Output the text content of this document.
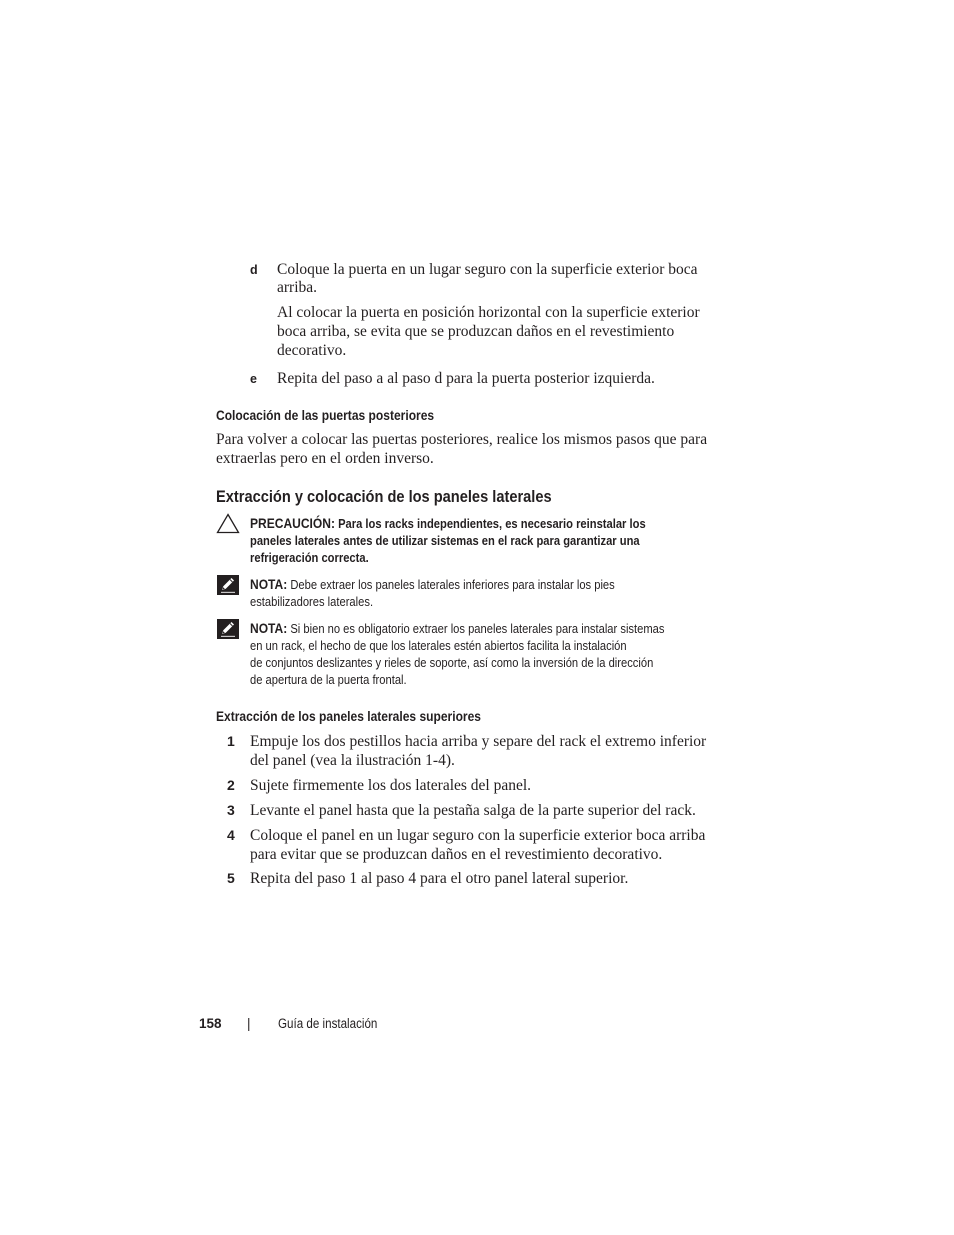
d Coloque la puerta en un lugar seguro con la superficie exterior boca
arriba.
Al colocar la puerta en posición horizontal con la superficie exterior
boca arriba, se evita que se produzcan daños en el revestimiento
decorativo.
e Repita del paso a al paso d para la puerta posterior izquierda.
Colocación de las puertas posteriores
Para volver a colocar las puertas posteriores, realice los mismos pasos que para
extraerlas pero en el orden inverso.
Extracción y colocación de los paneles laterales
PRECAUCIÓN: Para los racks independientes, es necesario reinstalar los
paneles laterales antes de utilizar sistemas en el rack para garantizar una
refrigeración correcta.
NOTA: Debe extraer los paneles laterales inferiores para instalar los pies
estabilizadores laterales.
NOTA: Si bien no es obligatorio extraer los paneles laterales para instalar sistemas
en un rack, el hecho de que los laterales estén abiertos facilita la instalación
de conjuntos deslizantes y rieles de soporte, así como la inversión de la dirección
de apertura de la puerta frontal.
Extracción de los paneles laterales superiores
1 Empuje los dos pestillos hacia arriba y separe del rack el extremo inferior
del panel (vea la ilustración 1-4).
2 Sujete firmemente los dos laterales del panel.
3 Levante el panel hasta que la pestaña salga de la parte superior del rack.
4 Coloque el panel en un lugar seguro con la superficie exterior boca arriba
para evitar que se produzcan daños en el revestimiento decorativo.
5 Repita del paso 1 al paso 4 para el otro panel lateral superior.
158 | Guía de instalación
